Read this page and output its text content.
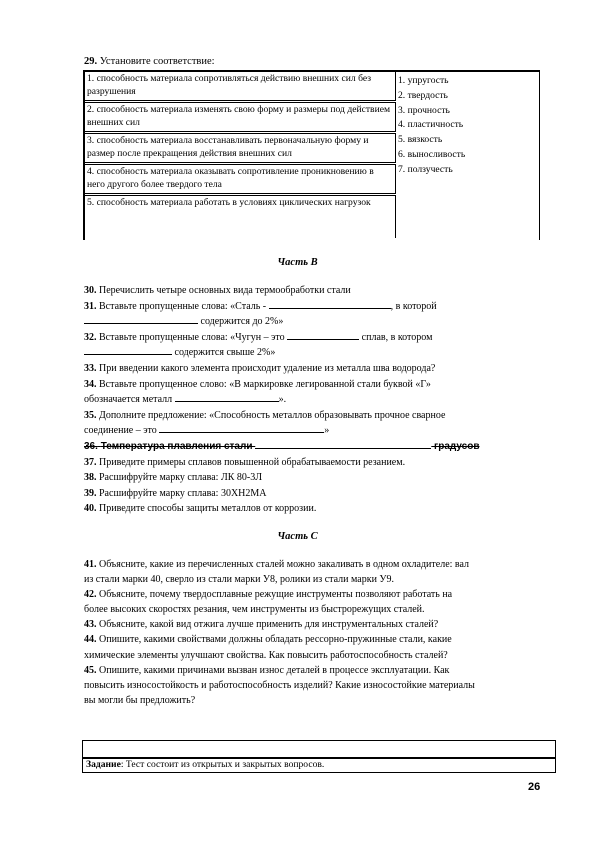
29. Установите соответствие:
1. способность материала сопротивляться действию внешних сил без разрушения
2. способность материала изменять свою форму и размеры под действием внешних сил
3. способность материала восстанавливать первоначальную форму и размер после прекращения действия внешних сил
4. способность материала оказывать сопротивление проникновению в него другого более твердого тела
5. способность материала работать в условиях циклических нагрузок
1. упругость
2. твердость
3. прочность
4. пластичность
5. вязкость
6. выносливость
7. ползучесть
Часть В

30. Перечислить четыре основных вида термообработки стали

31. Вставьте пропущенные слова: «Сталь -	, в которой
содержится до 2%»

32. Вставьте пропущенные слова: «Чугун – это	сплав, в котором
содержится свыше 2%»

33. При введении какого элемента происходит удаление из металла шва водорода?

34. Вставьте пропущенное слово: «В маркировке легированной стали буквой «Г»
обозначается металл	».

35. Дополните предложение: «Способность металлов образовывать прочное сварное
соединение – это	»

36. Температура плавления стали	градусов

37. Приведите примеры сплавов повышенной обрабатываемости резанием.

38. Расшифруйте марку сплава: ЛК 80-3Л

39. Расшифруйте марку сплава: 30ХН2МА

40. Приведите способы защиты металлов от коррозии.

Часть С

41. Объясните, какие из перечисленных сталей можно закаливать в одном охладителе: вал
из стали марки 40, сверло из стали марки У8, ролики из стали марки У9.

42. Объясните, почему твердосплавные режущие инструменты позволяют работать на
более высоких скоростях резания, чем инструменты из быстрорежущих сталей.

43. Объясните, какой вид отжига лучше применить для инструментальных сталей?

44. Опишите, какими свойствами должны обладать рессорно-пружинные стали, какие
химические элементы улучшают свойства. Как повысить работоспособность сталей?

45. Опишите, какими причинами вызван износ деталей в процессе эксплуатации. Как
повысить износостойкость и работоспособность изделий? Какие износостойкие материалы
вы могли бы предложить?

Задание: Тест состоит из открытых и закрытых вопросов.
26
